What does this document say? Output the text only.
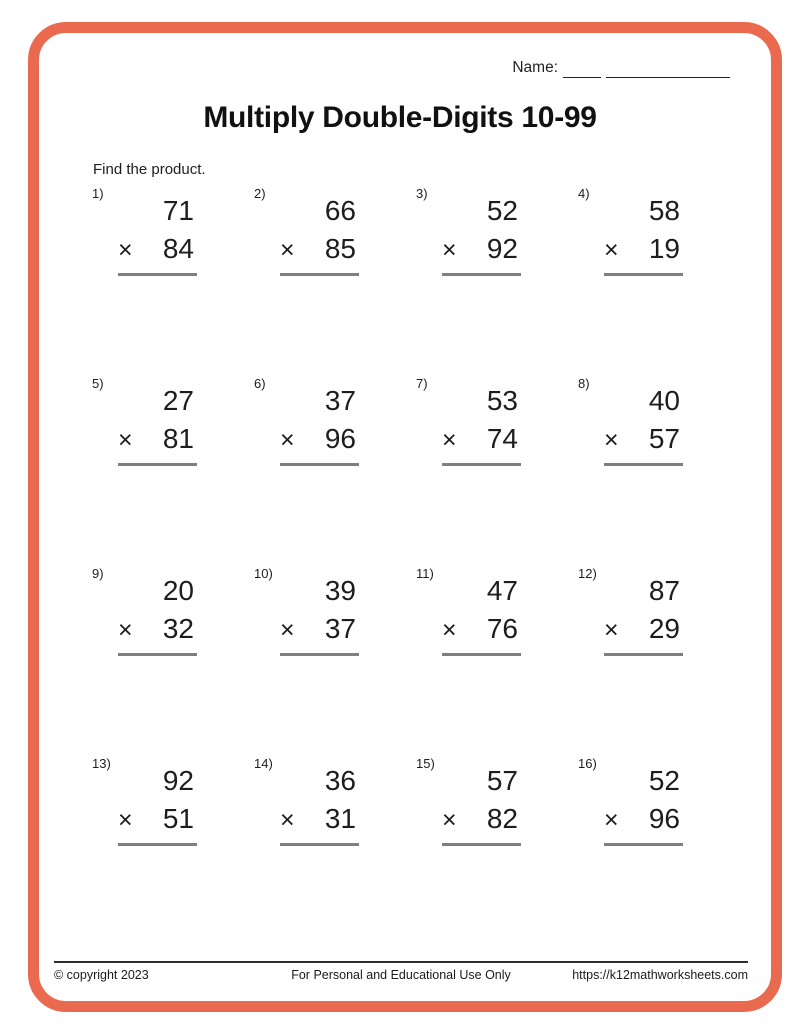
Name:
Multiply Double-Digits 10-99
Find the product.
1)
71
× 84
2)
66
× 85
3)
52
× 92
4)
58
× 19
5)
27
× 81
6)
37
× 96
7)
53
× 74
8)
40
× 57
9)
20
× 32
10)
39
× 37
11)
47
× 76
12)
87
× 29
13)
92
× 51
14)
36
× 31
15)
57
× 82
16)
52
× 96
© copyright 2023	For Personal and Educational Use Only	https://k12mathworksheets.com
